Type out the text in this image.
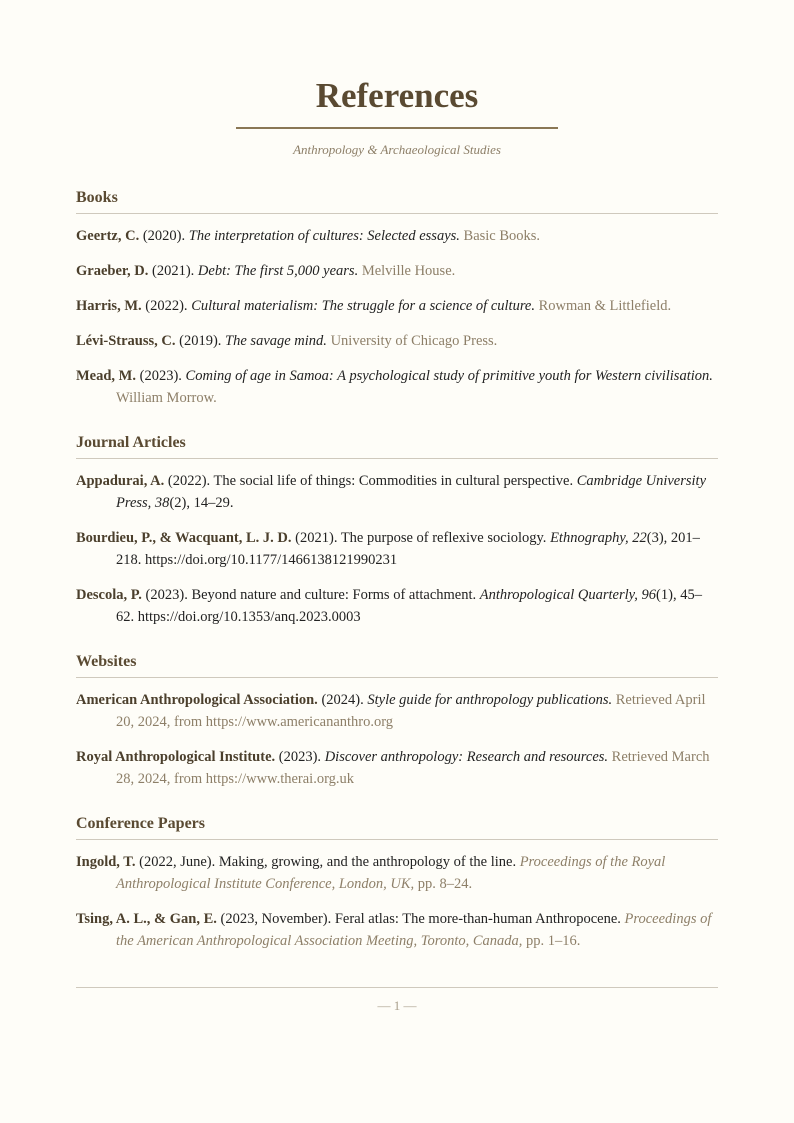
References
Anthropology & Archaeological Studies
Books
Geertz, C. (2020). The interpretation of cultures: Selected essays. Basic Books.
Graeber, D. (2021). Debt: The first 5,000 years. Melville House.
Harris, M. (2022). Cultural materialism: The struggle for a science of culture. Rowman & Littlefield.
Lévi-Strauss, C. (2019). The savage mind. University of Chicago Press.
Mead, M. (2023). Coming of age in Samoa: A psychological study of primitive youth for Western civilisation. William Morrow.
Journal Articles
Appadurai, A. (2022). The social life of things: Commodities in cultural perspective. Cambridge University Press, 38(2), 14–29.
Bourdieu, P., & Wacquant, L. J. D. (2021). The purpose of reflexive sociology. Ethnography, 22(3), 201–218. https://doi.org/10.1177/1466138121990231
Descola, P. (2023). Beyond nature and culture: Forms of attachment. Anthropological Quarterly, 96(1), 45–62. https://doi.org/10.1353/anq.2023.0003
Websites
American Anthropological Association. (2024). Style guide for anthropology publications. Retrieved April 20, 2024, from https://www.americananthro.org
Royal Anthropological Institute. (2023). Discover anthropology: Research and resources. Retrieved March 28, 2024, from https://www.therai.org.uk
Conference Papers
Ingold, T. (2022, June). Making, growing, and the anthropology of the line. Proceedings of the Royal Anthropological Institute Conference, London, UK, pp. 8–24.
Tsing, A. L., & Gan, E. (2023, November). Feral atlas: The more-than-human Anthropocene. Proceedings of the American Anthropological Association Meeting, Toronto, Canada, pp. 1–16.
— 1 —
